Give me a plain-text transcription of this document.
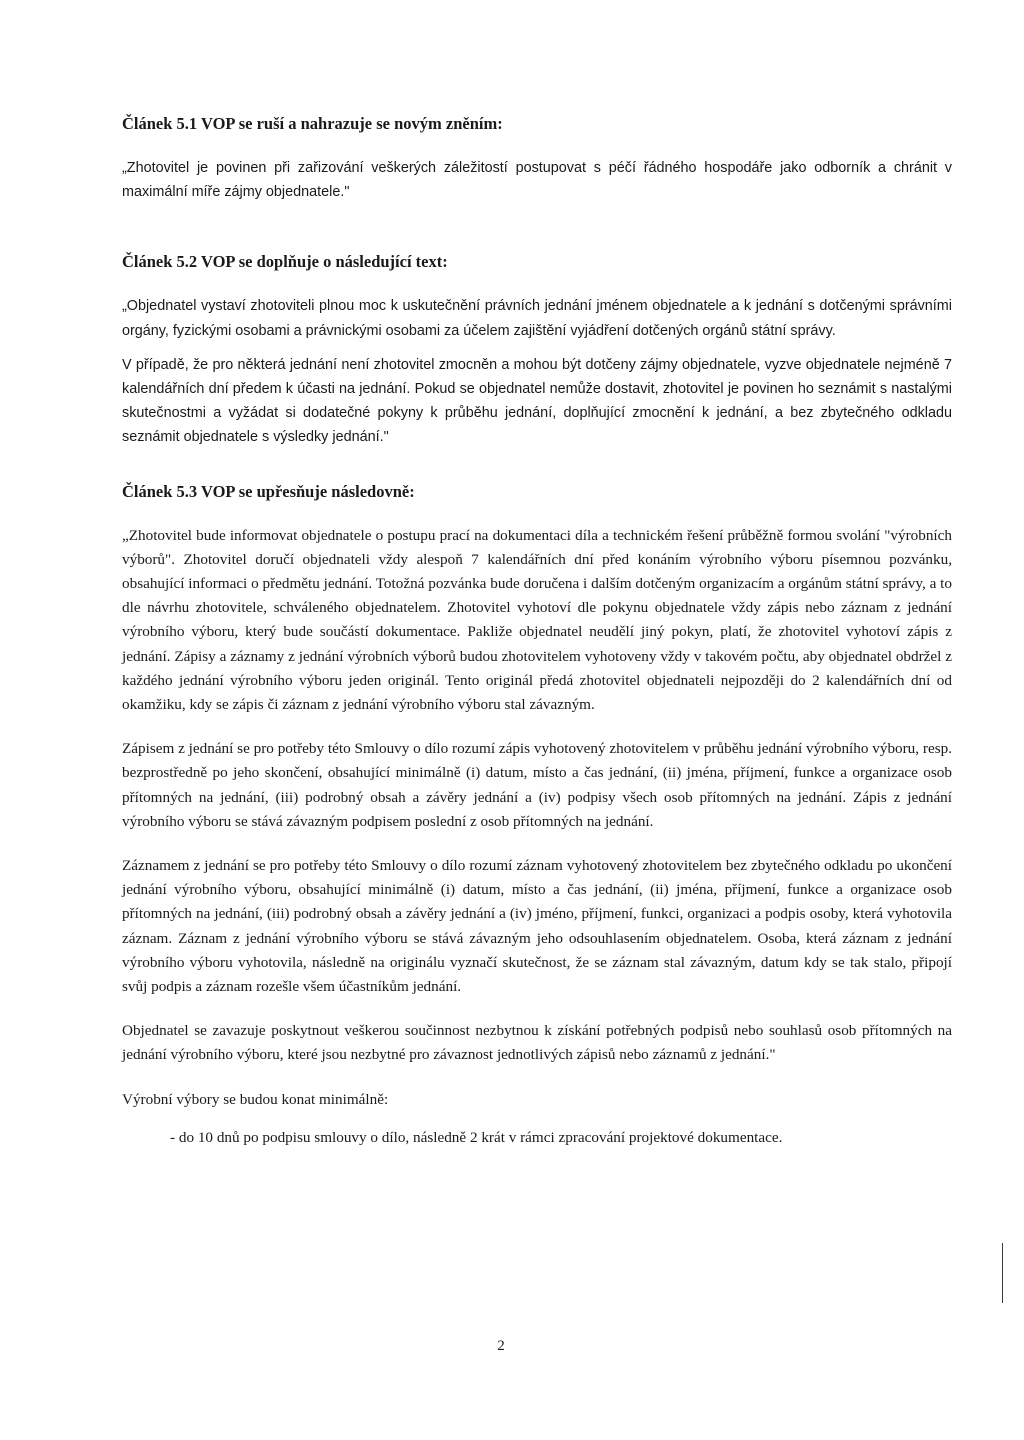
Článek 5.1 VOP se ruší a nahrazuje se novým zněním:

„Zhotovitel je povinen při zařizování veškerých záležitostí postupovat s péčí řádného hospodáře jako odborník a chránit v maximální míře zájmy objednatele."

Článek 5.2 VOP se doplňuje o následující text:

„Objednatel vystaví zhotoviteli plnou moc k uskutečnění právních jednání jménem objednatele a k jednání s dotčenými správními orgány, fyzickými osobami a právnickými osobami za účelem zajištění vyjádření dotčených orgánů státní správy.

V případě, že pro některá jednání není zhotovitel zmocněn a mohou být dotčeny zájmy objednatele, vyzve objednatele nejméně 7 kalendářních dní předem k účasti na jednání. Pokud se objednatel nemůže dostavit, zhotovitel je povinen ho seznámit s nastalými skutečnostmi a vyžádat si dodatečné pokyny k průběhu jednání, doplňující zmocnění k jednání, a bez zbytečného odkladu seznámit objednatele s výsledky jednání."

Článek 5.3 VOP se upřesňuje následovně:

„Zhotovitel bude informovat objednatele o postupu prací na dokumentaci díla a technickém řešení průběžně formou svolání "výrobních výborů". Zhotovitel doručí objednateli vždy alespoň 7 kalendářních dní před konáním výrobního výboru písemnou pozvánku, obsahující informaci o předmětu jednání. Totožná pozvánka bude doručena i dalším dotčeným organizacím a orgánům státní správy, a to dle návrhu zhotovitele, schváleného objednatelem. Zhotovitel vyhotoví dle pokynu objednatele vždy zápis nebo záznam z jednání výrobního výboru, který bude součástí dokumentace. Pakliže objednatel neudělí jiný pokyn, platí, že zhotovitel vyhotoví zápis z jednání. Zápisy a záznamy z jednání výrobních výborů budou zhotovitelem vyhotoveny vždy v takovém počtu, aby objednatel obdržel z každého jednání výrobního výboru jeden originál. Tento originál předá zhotovitel objednateli nejpozději do 2 kalendářních dní od okamžiku, kdy se zápis či záznam z jednání výrobního výboru stal závazným.

Zápisem z jednání se pro potřeby této Smlouvy o dílo rozumí zápis vyhotovený zhotovitelem v průběhu jednání výrobního výboru, resp. bezprostředně po jeho skončení, obsahující minimálně (i) datum, místo a čas jednání, (ii) jména, příjmení, funkce a organizace osob přítomných na jednání, (iii) podrobný obsah a závěry jednání a (iv) podpisy všech osob přítomných na jednání. Zápis z jednání výrobního výboru se stává závazným podpisem poslední z osob přítomných na jednání.

Záznamem z jednání se pro potřeby této Smlouvy o dílo rozumí záznam vyhotovený zhotovitelem bez zbytečného odkladu po ukončení jednání výrobního výboru, obsahující minimálně (i) datum, místo a čas jednání, (ii) jména, příjmení, funkce a organizace osob přítomných na jednání, (iii) podrobný obsah a závěry jednání a (iv) jméno, příjmení, funkci, organizaci a podpis osoby, která vyhotovila záznam. Záznam z jednání výrobního výboru se stává závazným jeho odsouhlasením objednatelem. Osoba, která záznam z jednání výrobního výboru vyhotovila, následně na originálu vyznačí skutečnost, že se záznam stal závazným, datum kdy se tak stalo, připojí svůj podpis a záznam rozešle všem účastníkům jednání.

Objednatel se zavazuje poskytnout veškerou součinnost nezbytnou k získání potřebných podpisů nebo souhlasů osob přítomných na jednání výrobního výboru, které jsou nezbytné pro závaznost jednotlivých zápisů nebo záznamů z jednání."

Výrobní výbory se budou konat minimálně:

- do 10 dnů po podpisu smlouvy o dílo, následně 2 krát v rámci zpracování projektové dokumentace.
2
